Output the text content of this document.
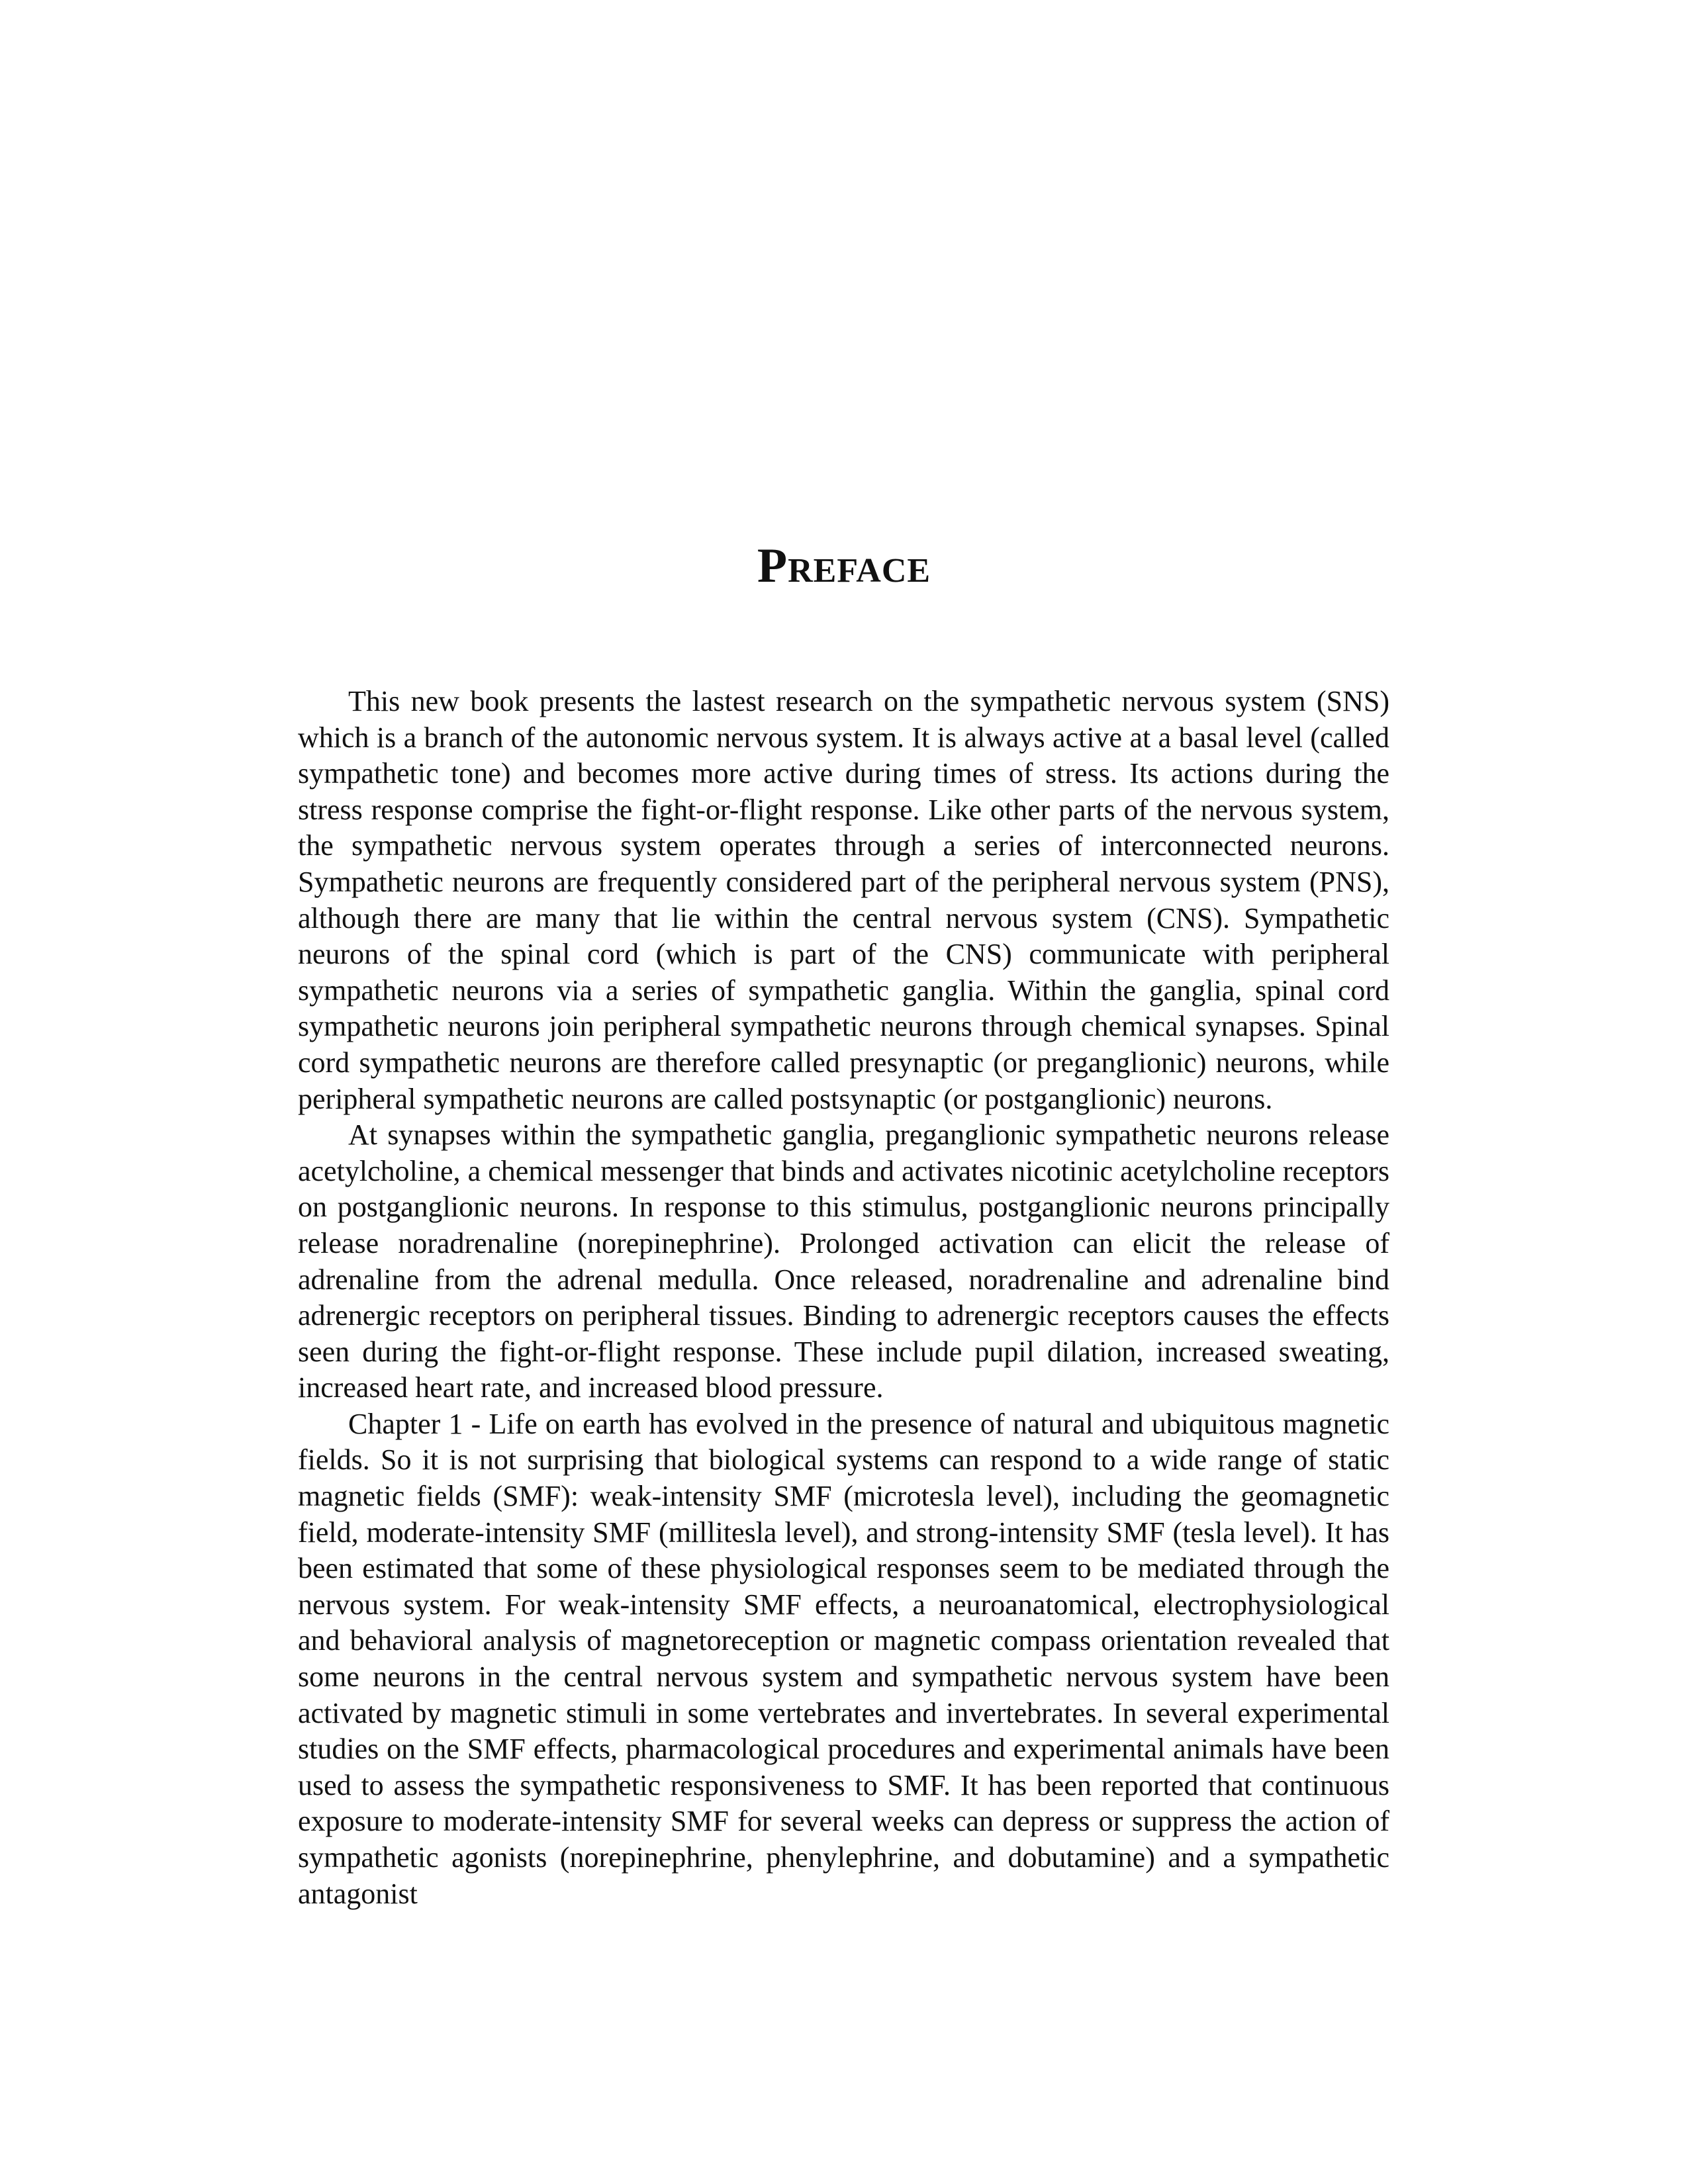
Preface

This new book presents the lastest research on the sympathetic nervous system (SNS) which is a branch of the autonomic nervous system. It is always active at a basal level (called sympathetic tone) and becomes more active during times of stress. Its actions during the stress response comprise the fight-or-flight response. Like other parts of the nervous system, the sympathetic nervous system operates through a series of interconnected neurons. Sympathetic neurons are frequently considered part of the peripheral nervous system (PNS), although there are many that lie within the central nervous system (CNS). Sympathetic neurons of the spinal cord (which is part of the CNS) communicate with peripheral sympathetic neurons via a series of sympathetic ganglia. Within the ganglia, spinal cord sympathetic neurons join peripheral sympathetic neurons through chemical synapses. Spinal cord sympathetic neurons are therefore called presynaptic (or preganglionic) neurons, while peripheral sympathetic neurons are called postsynaptic (or postganglionic) neurons.

At synapses within the sympathetic ganglia, preganglionic sympathetic neurons release acetylcholine, a chemical messenger that binds and activates nicotinic acetylcholine receptors on postganglionic neurons. In response to this stimulus, postganglionic neurons principally release noradrenaline (norepinephrine). Prolonged activation can elicit the release of adrenaline from the adrenal medulla. Once released, noradrenaline and adrenaline bind adrenergic receptors on peripheral tissues. Binding to adrenergic receptors causes the effects seen during the fight-or-flight response. These include pupil dilation, increased sweating, increased heart rate, and increased blood pressure.

Chapter 1 - Life on earth has evolved in the presence of natural and ubiquitous magnetic fields. So it is not surprising that biological systems can respond to a wide range of static magnetic fields (SMF): weak-intensity SMF (microtesla level), including the geomagnetic field, moderate-intensity SMF (millitesla level), and strong-intensity SMF (tesla level). It has been estimated that some of these physiological responses seem to be mediated through the nervous system. For weak-intensity SMF effects, a neuroanatomical, electrophysiological and behavioral analysis of magnetoreception or magnetic compass orientation revealed that some neurons in the central nervous system and sympathetic nervous system have been activated by magnetic stimuli in some vertebrates and invertebrates. In several experimental studies on the SMF effects, pharmacological procedures and experimental animals have been used to assess the sympathetic responsiveness to SMF. It has been reported that continuous exposure to moderate-intensity SMF for several weeks can depress or suppress the action of sympathetic agonists (norepinephrine, phenylephrine, and dobutamine) and a sympathetic antagonist
